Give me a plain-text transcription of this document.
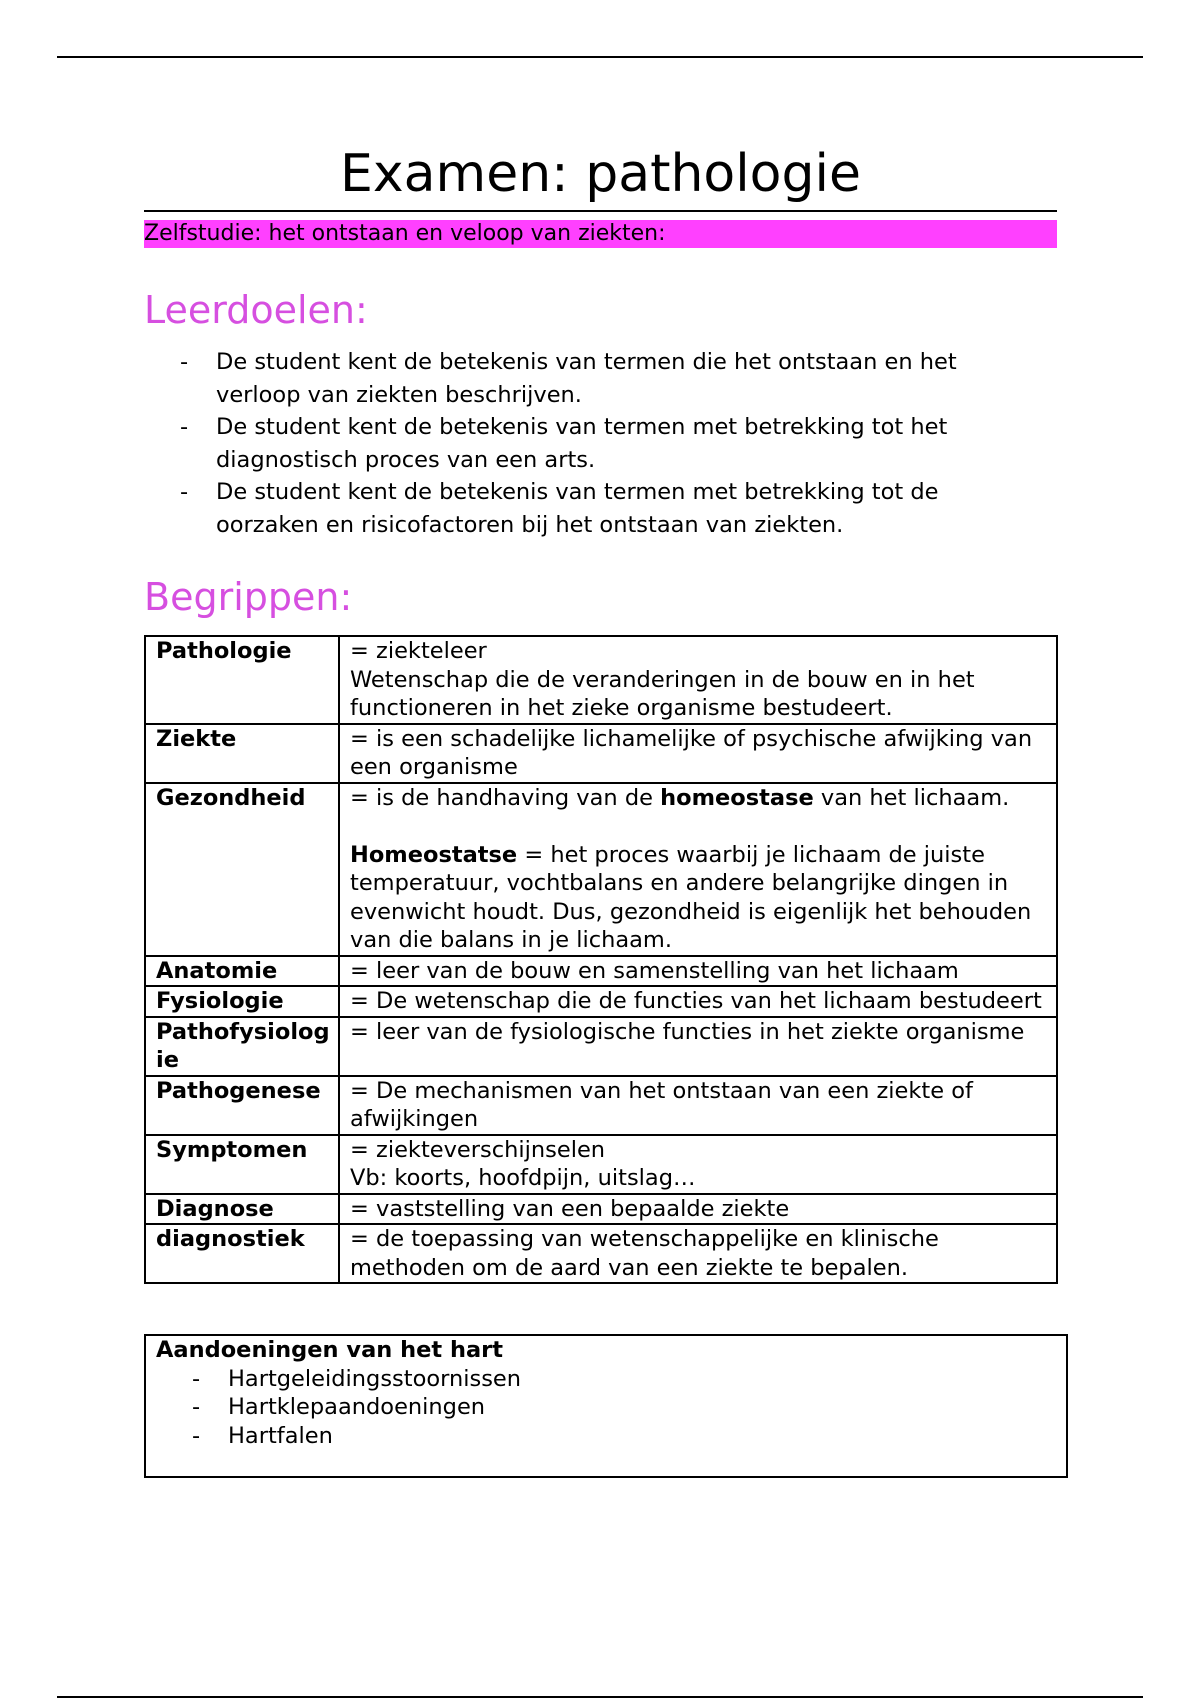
Examen: pathologie
Zelfstudie: het ontstaan en veloop van ziekten:
Leerdoelen:
- De student kent de betekenis van termen die het ontstaan en het verloop van ziekten beschrijven.
- De student kent de betekenis van termen met betrekking tot het diagnostisch proces van een arts.
- De student kent de betekenis van termen met betrekking tot de oorzaken en risicofactoren bij het ontstaan van ziekten.
Begrippen:
Pathologie	= ziekteleer
Wetenschap die de veranderingen in de bouw en in het functioneren in het zieke organisme bestudeert.

Ziekte	= is een schadelijke lichamelijke of psychische afwijking van een organisme
Gezondheid	= is de handhaving van de homeostase van het lichaam.
Homeostatse = het proces waarbij je lichaam de juiste temperatuur, vochtbalans en andere belangrijke dingen in evenwicht houdt. Dus, gezondheid is eigenlijk het behouden van die balans in je lichaam.

Anatomie	= leer van de bouw en samenstelling van het lichaam
Fysiologie	= De wetenschap die de functies van het lichaam bestudeert
Pathofysiologie	= leer van de fysiologische functies in het ziekte organisme
Pathogenese	= De mechanismen van het ontstaan van een ziekte of afwijkingen
Symptomen	= ziekteverschijnselen
Vb: koorts, hoofdpijn, uitslag…

Diagnose	= vaststelling van een bepaalde ziekte
diagnostiek	= de toepassing van wetenschappelijke en klinische methoden om de aard van een ziekte te bepalen.
Aandoeningen van het hart
- Hartgeleidingsstoornissen
- Hartklepaandoeningen
- Hartfalen
